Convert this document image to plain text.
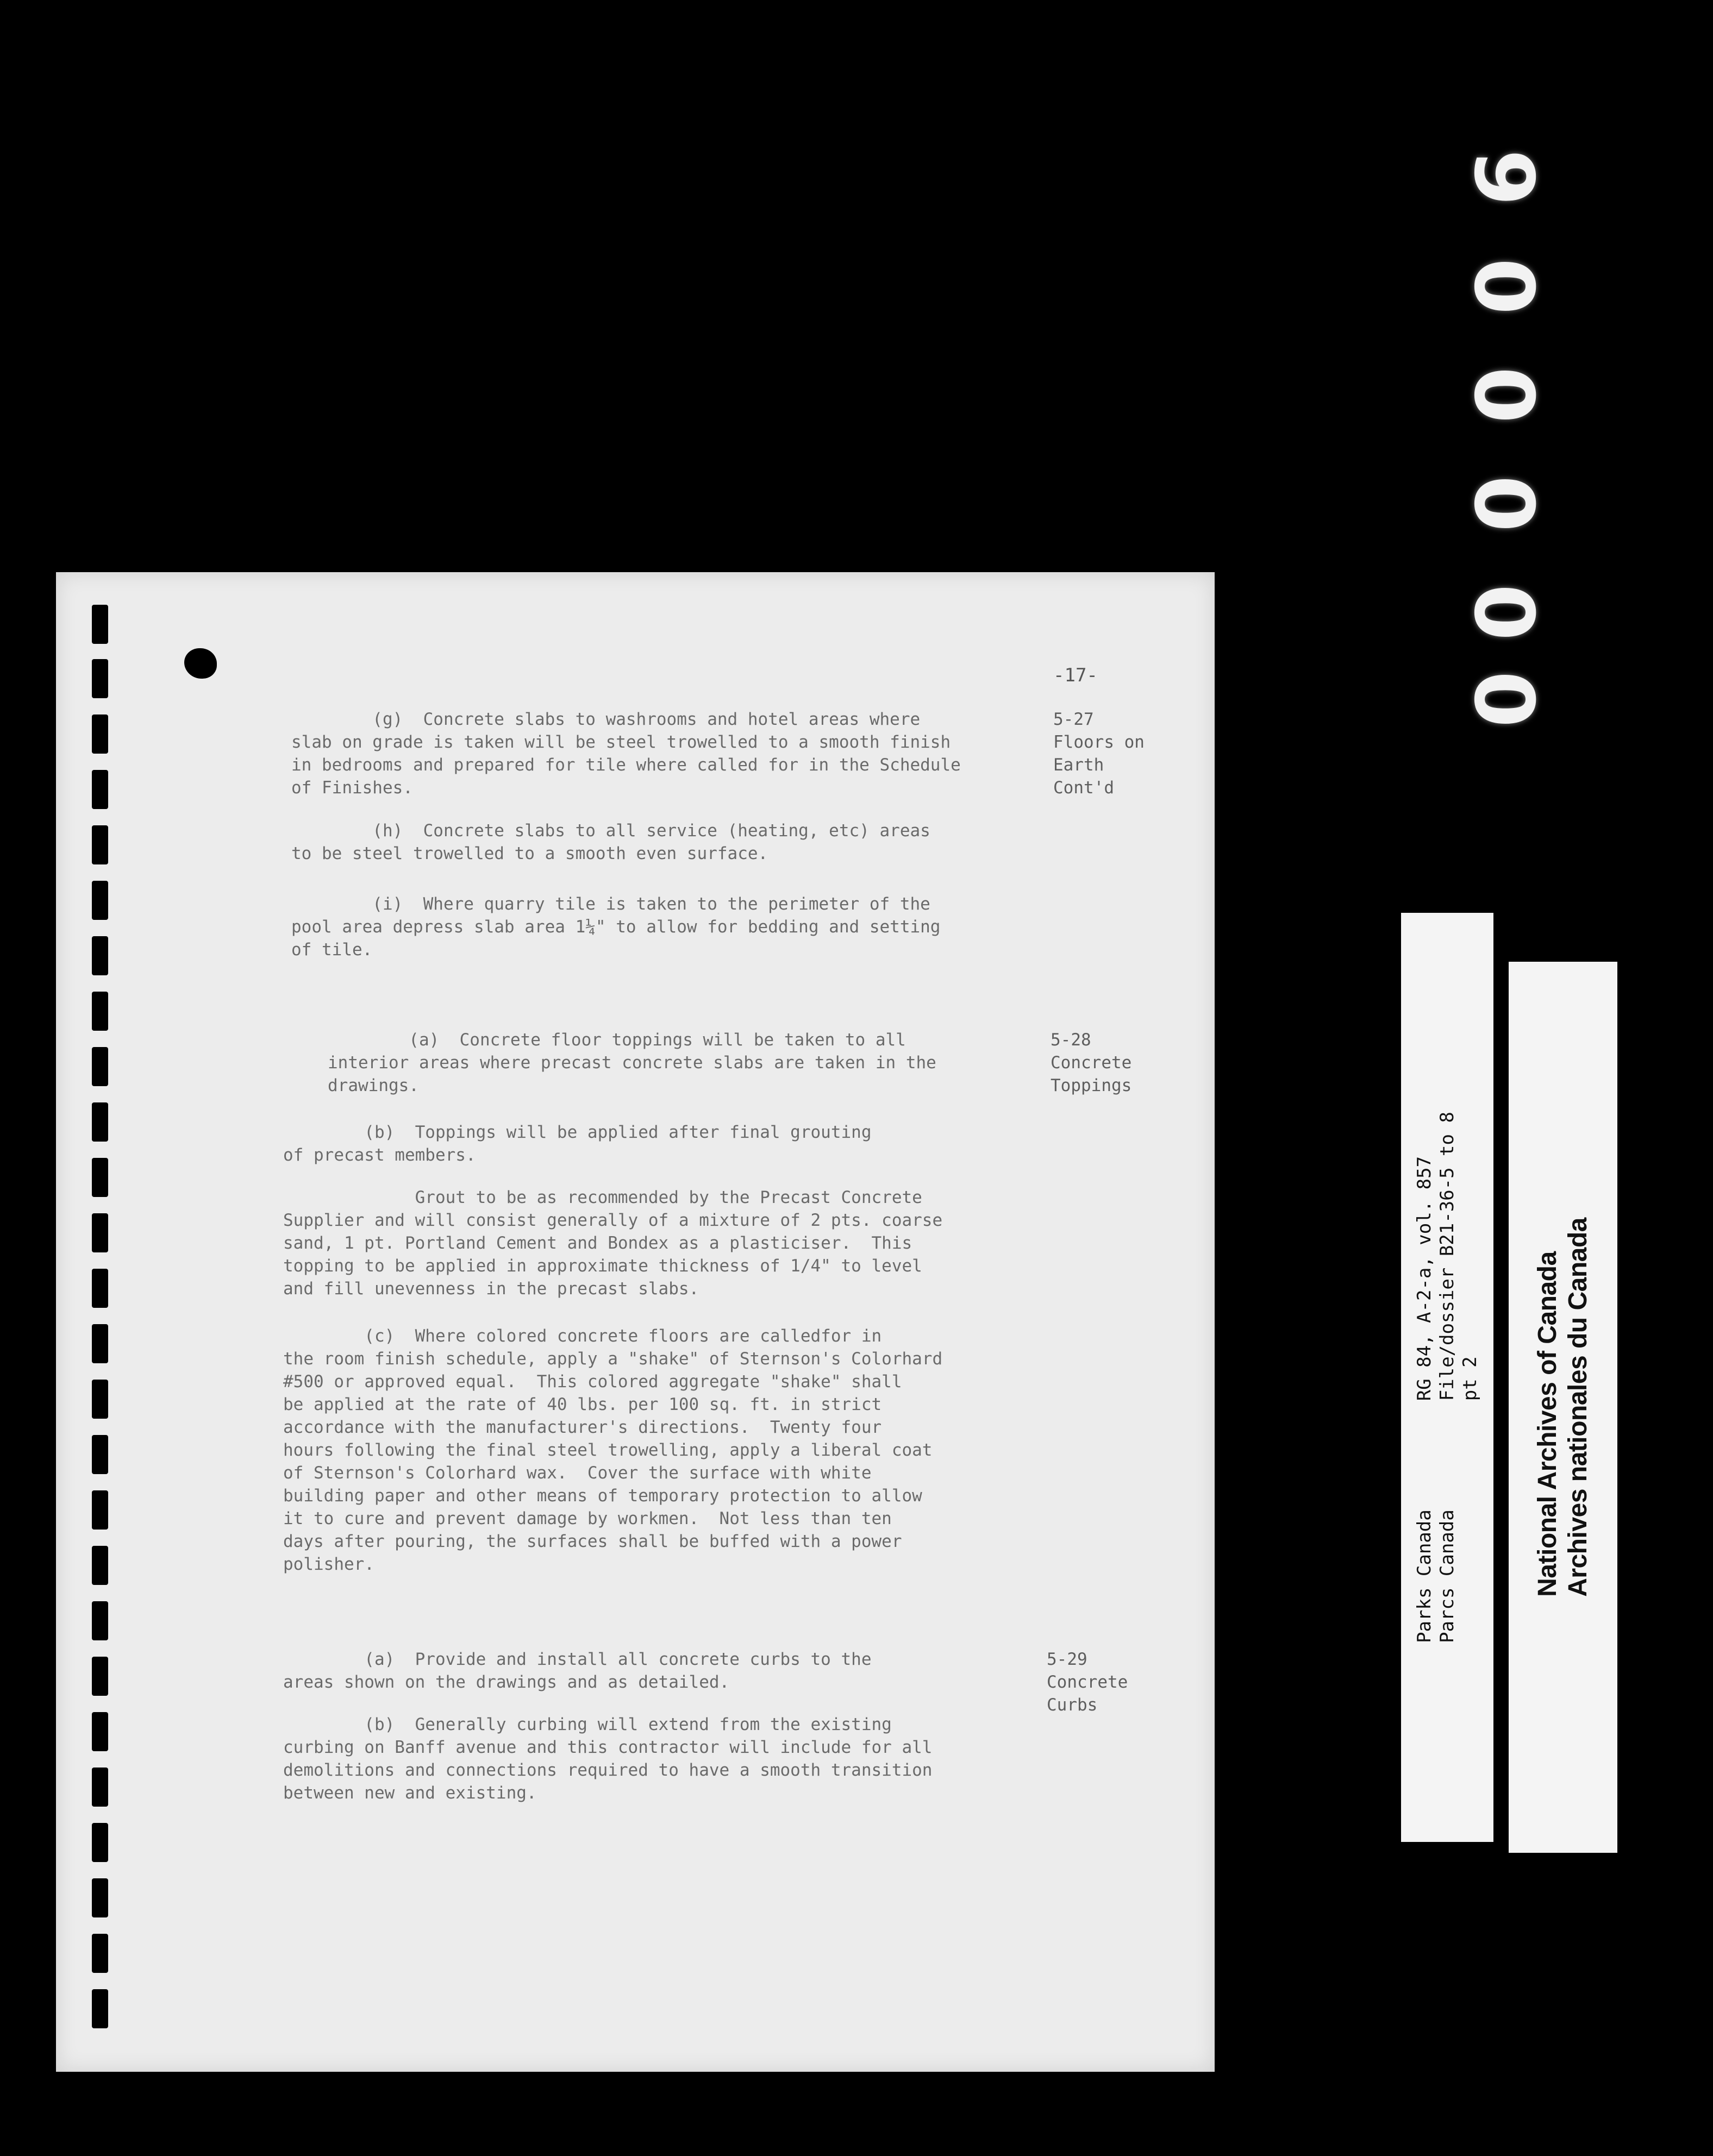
9
0
0
0
0
0
-17-
(g)  Concrete slabs to washrooms and hotel areas where
slab on grade is taken will be steel trowelled to a smooth finish
in bedrooms and prepared for tile where called for in the Schedule
of Finishes.
5-27
Floors on
Earth
Cont'd
(h)  Concrete slabs to all service (heating, etc) areas
to be steel trowelled to a smooth even surface.
(i)  Where quarry tile is taken to the perimeter of the
pool area depress slab area 1¼" to allow for bedding and setting
of tile.
(a)  Concrete floor toppings will be taken to all
interior areas where precast concrete slabs are taken in the
drawings.
5-28
Concrete
Toppings
(b)  Toppings will be applied after final grouting
of precast members.
Grout to be as recommended by the Precast Concrete
Supplier and will consist generally of a mixture of 2 pts. coarse
sand, 1 pt. Portland Cement and Bondex as a plasticiser.  This
topping to be applied in approximate thickness of 1/4" to level
and fill unevenness in the precast slabs.
(c)  Where colored concrete floors are calledfor in
the room finish schedule, apply a "shake" of Sternson's Colorhard
#500 or approved equal.  This colored aggregate "shake" shall
be applied at the rate of 40 lbs. per 100 sq. ft. in strict
accordance with the manufacturer's directions.  Twenty four
hours following the final steel trowelling, apply a liberal coat
of Sternson's Colorhard wax.  Cover the surface with white
building paper and other means of temporary protection to allow
it to cure and prevent damage by workmen.  Not less than ten
days after pouring, the surfaces shall be buffed with a power
polisher.
(a)  Provide and install all concrete curbs to the
areas shown on the drawings and as detailed.
5-29
Concrete
Curbs
(b)  Generally curbing will extend from the existing
curbing on Banff avenue and this contractor will include for all
demolitions and connections required to have a smooth transition
between new and existing.
Parks Canada
Parcs Canada
RG 84, A-2-a, vol. 857
File/dossier B21-36-5 to 8
pt 2 National Archives of Canada Archives nationales du Canada
